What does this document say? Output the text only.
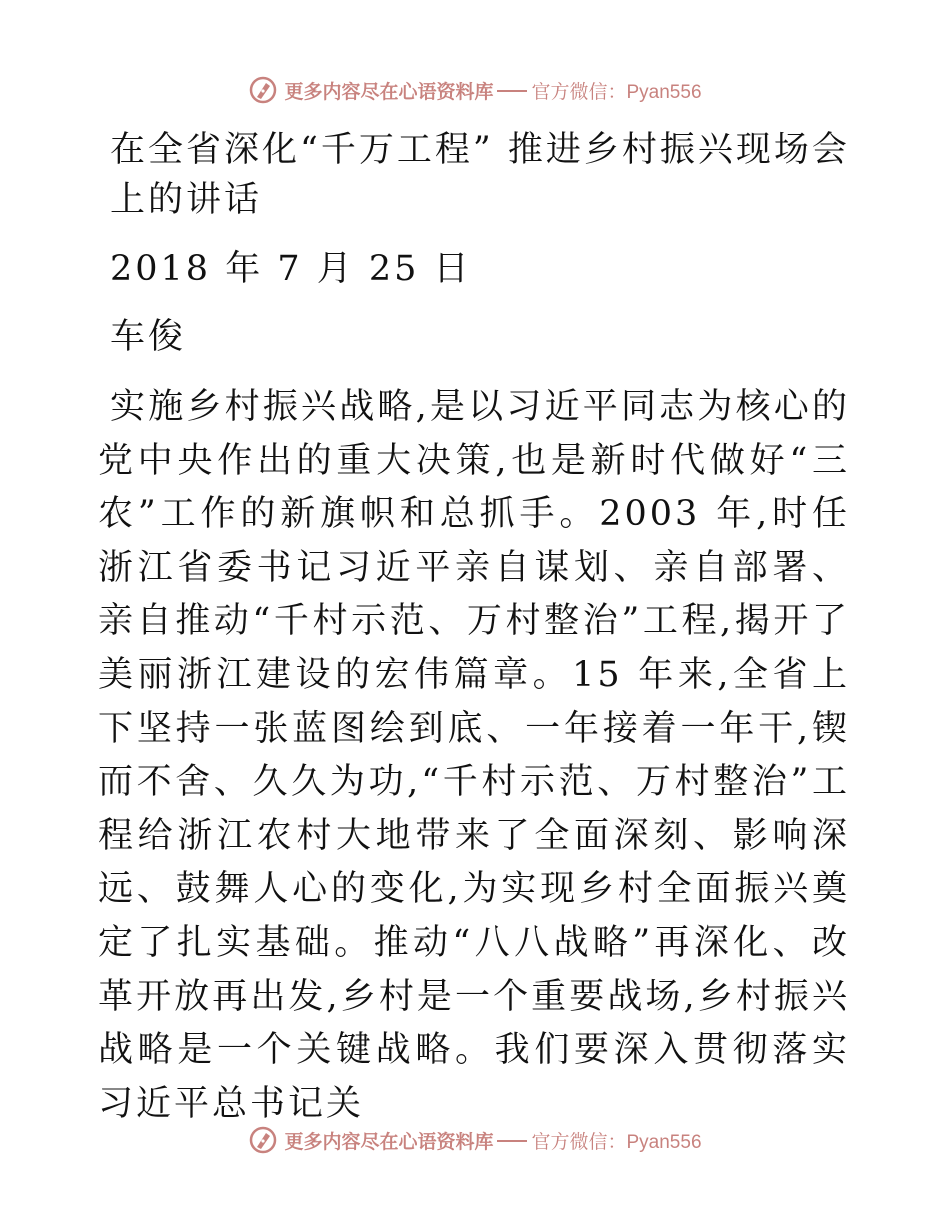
更多内容尽在心语资料库 官方微信：Pyan556
在全省深化“千万工程” 推进乡村振兴现场会上的讲话
2018 年 7 月 25 日
车俊

实施乡村振兴战略,是以习近平同志为核心的党中央作出的重大决策,也是新时代做好“三农”工作的新旗帜和总抓手。2003 年,时任浙江省委书记习近平亲自谋划、亲自部署、亲自推动“千村示范、万村整治”工程,揭开了美丽浙江建设的宏伟篇章。15 年来,全省上下坚持一张蓝图绘到底、一年接着一年干,锲而不舍、久久为功,“千村示范、万村整治”工程给浙江农村大地带来了全面深刻、影响深远、鼓舞人心的变化,为实现乡村全面振兴奠定了扎实基础。推动“八八战略”再深化、改革开放再出发,乡村是一个重要战场,乡村振兴战略是一个关键战略。我们要深入贯彻落实习近平总书记关

更多内容尽在心语资料库 官方微信：Pyan556
